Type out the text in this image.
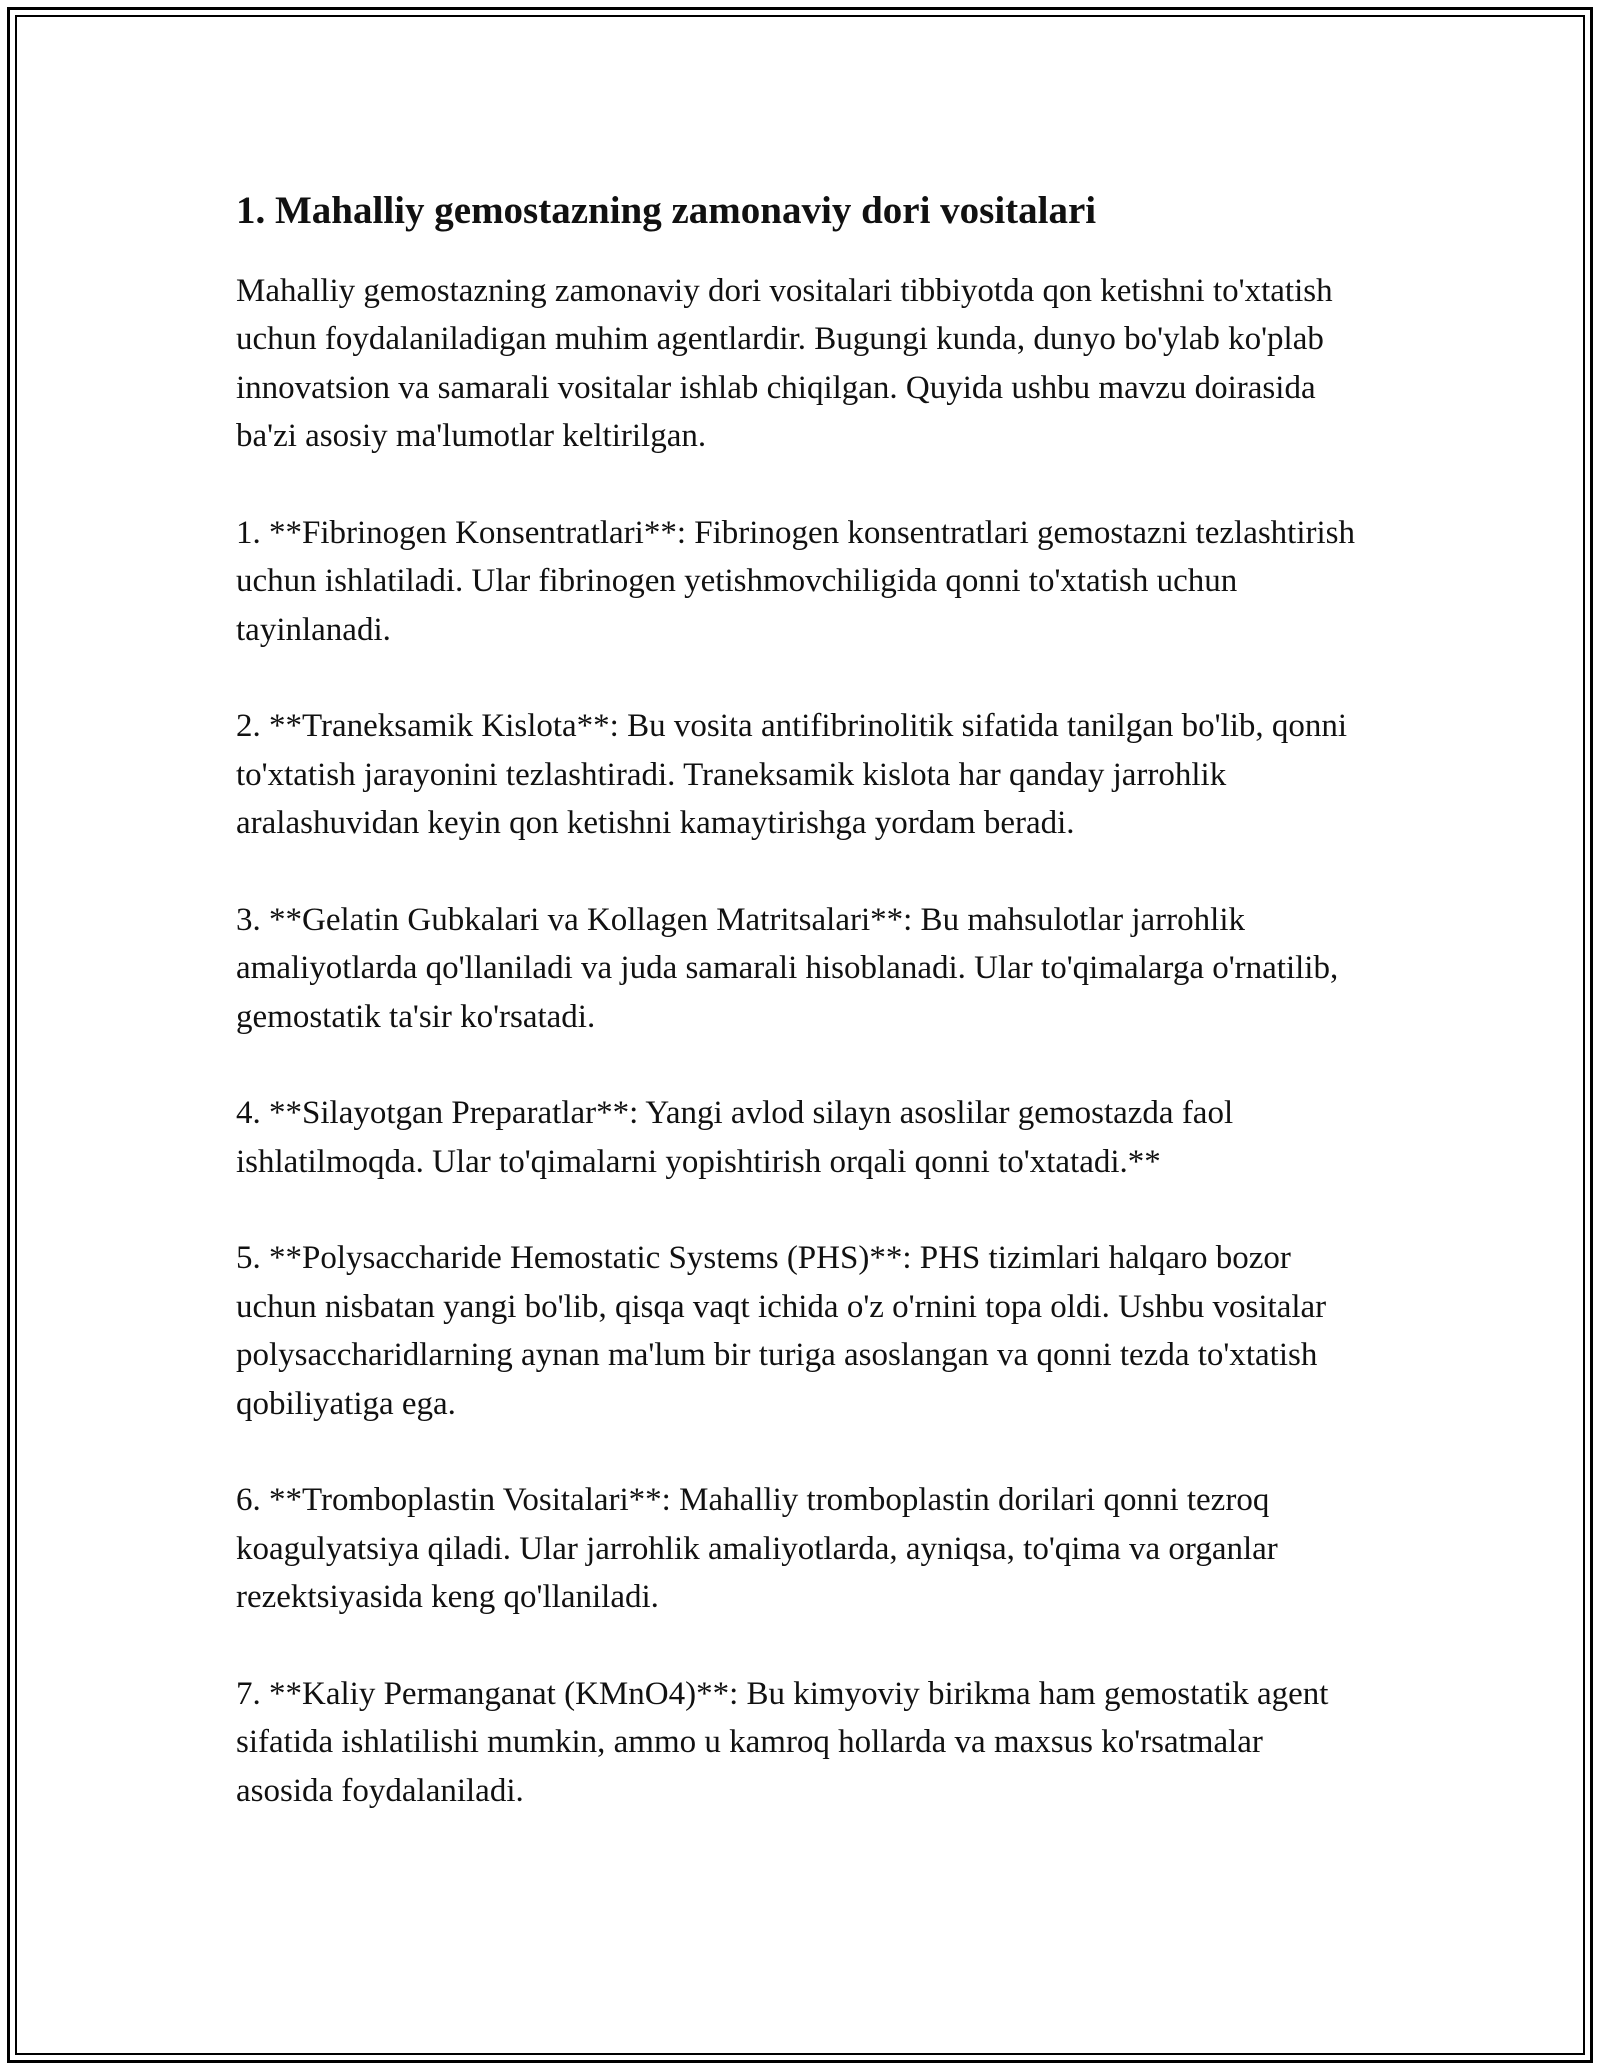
1. Mahalliy gemostazning zamonaviy dori vositalari

Mahalliy gemostazning zamonaviy dori vositalari tibbiyotda qon ketishni to'xtatish uchun foydalaniladigan muhim agentlardir. Bugungi kunda, dunyo bo'ylab ko'plab innovatsion va samarali vositalar ishlab chiqilgan. Quyida ushbu mavzu doirasida ba'zi asosiy ma'lumotlar keltirilgan.

1. **Fibrinogen Konsentratlari**: Fibrinogen konsentratlari gemostazni tezlashtirish uchun ishlatiladi. Ular fibrinogen yetishmovchiligida qonni to'xtatish uchun tayinlanadi.

2. **Traneksamik Kislota**: Bu vosita antifibrinolitik sifatida tanilgan bo'lib, qonni to'xtatish jarayonini tezlashtiradi. Traneksamik kislota har qanday jarrohlik aralashuvidan keyin qon ketishni kamaytirishga yordam beradi.

3. **Gelatin Gubkalari va Kollagen Matritsalari**: Bu mahsulotlar jarrohlik amaliyotlarda qo'llaniladi va juda samarali hisoblanadi. Ular to'qimalarga o'rnatilib, gemostatik ta'sir ko'rsatadi.

4. **Silayotgan Preparatlar**: Yangi avlod silayn asoslilar gemostazda faol ishlatilmoqda. Ular to'qimalarni yopishtirish orqali qonni to'xtatadi.**

5. **Polysaccharide Hemostatic Systems (PHS)**: PHS tizimlari halqaro bozor uchun nisbatan yangi bo'lib, qisqa vaqt ichida o'z o'rnini topa oldi. Ushbu vositalar polysaccharidlarning aynan ma'lum bir turiga asoslangan va qonni tezda to'xtatish qobiliyatiga ega.

6. **Tromboplastin Vositalari**: Mahalliy tromboplastin dorilari qonni tezroq koagulyatsiya qiladi. Ular jarrohlik amaliyotlarda, ayniqsa, to'qima va organlar rezektsiyasida keng qo'llaniladi.

7. **Kaliy Permanganat (KMnO4)**: Bu kimyoviy birikma ham gemostatik agent sifatida ishlatilishi mumkin, ammo u kamroq hollarda va maxsus ko'rsatmalar asosida foydalaniladi.
